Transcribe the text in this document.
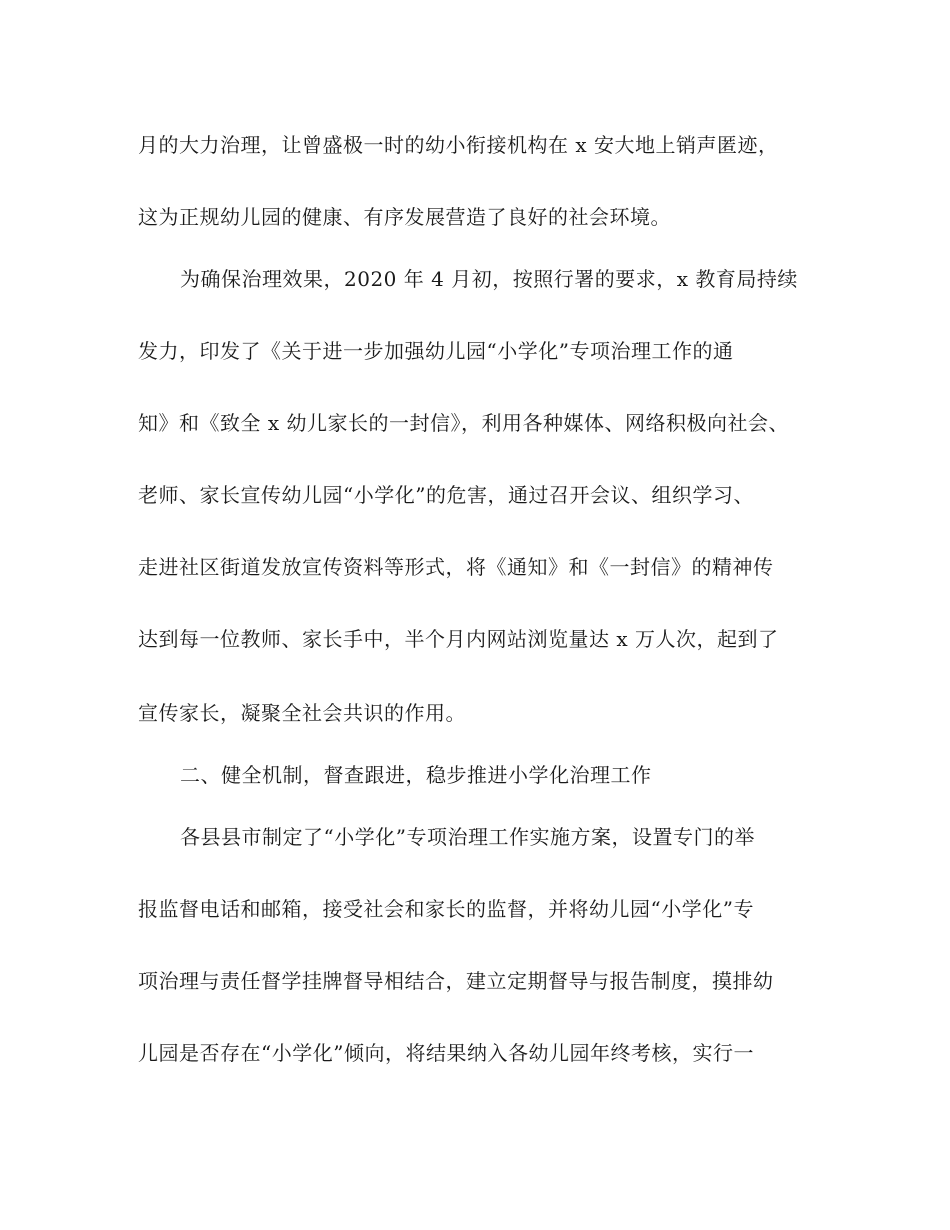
月的大力治理，让曾盛极一时的幼小衔接机构在 x 安大地上销声匿迹，
这为正规幼儿园的健康、有序发展营造了良好的社会环境。
为确保治理效果，2020 年 4 月初，按照行署的要求，x 教育局持续
发力，印发了《关于进一步加强幼儿园“小学化”专项治理工作的通
知》和《致全 x 幼儿家长的一封信》，利用各种媒体、网络积极向社会、
老师、家长宣传幼儿园“小学化”的危害，通过召开会议、组织学习、
走进社区街道发放宣传资料等形式，将《通知》和《一封信》的精神传
达到每一位教师、家长手中，半个月内网站浏览量达 x 万人次，起到了
宣传家长，凝聚全社会共识的作用。
二、健全机制，督查跟进，稳步推进小学化治理工作
各县县市制定了“小学化”专项治理工作实施方案，设置专门的举
报监督电话和邮箱，接受社会和家长的监督，并将幼儿园“小学化”专
项治理与责任督学挂牌督导相结合，建立定期督导与报告制度，摸排幼
儿园是否存在“小学化”倾向，将结果纳入各幼儿园年终考核，实行一
